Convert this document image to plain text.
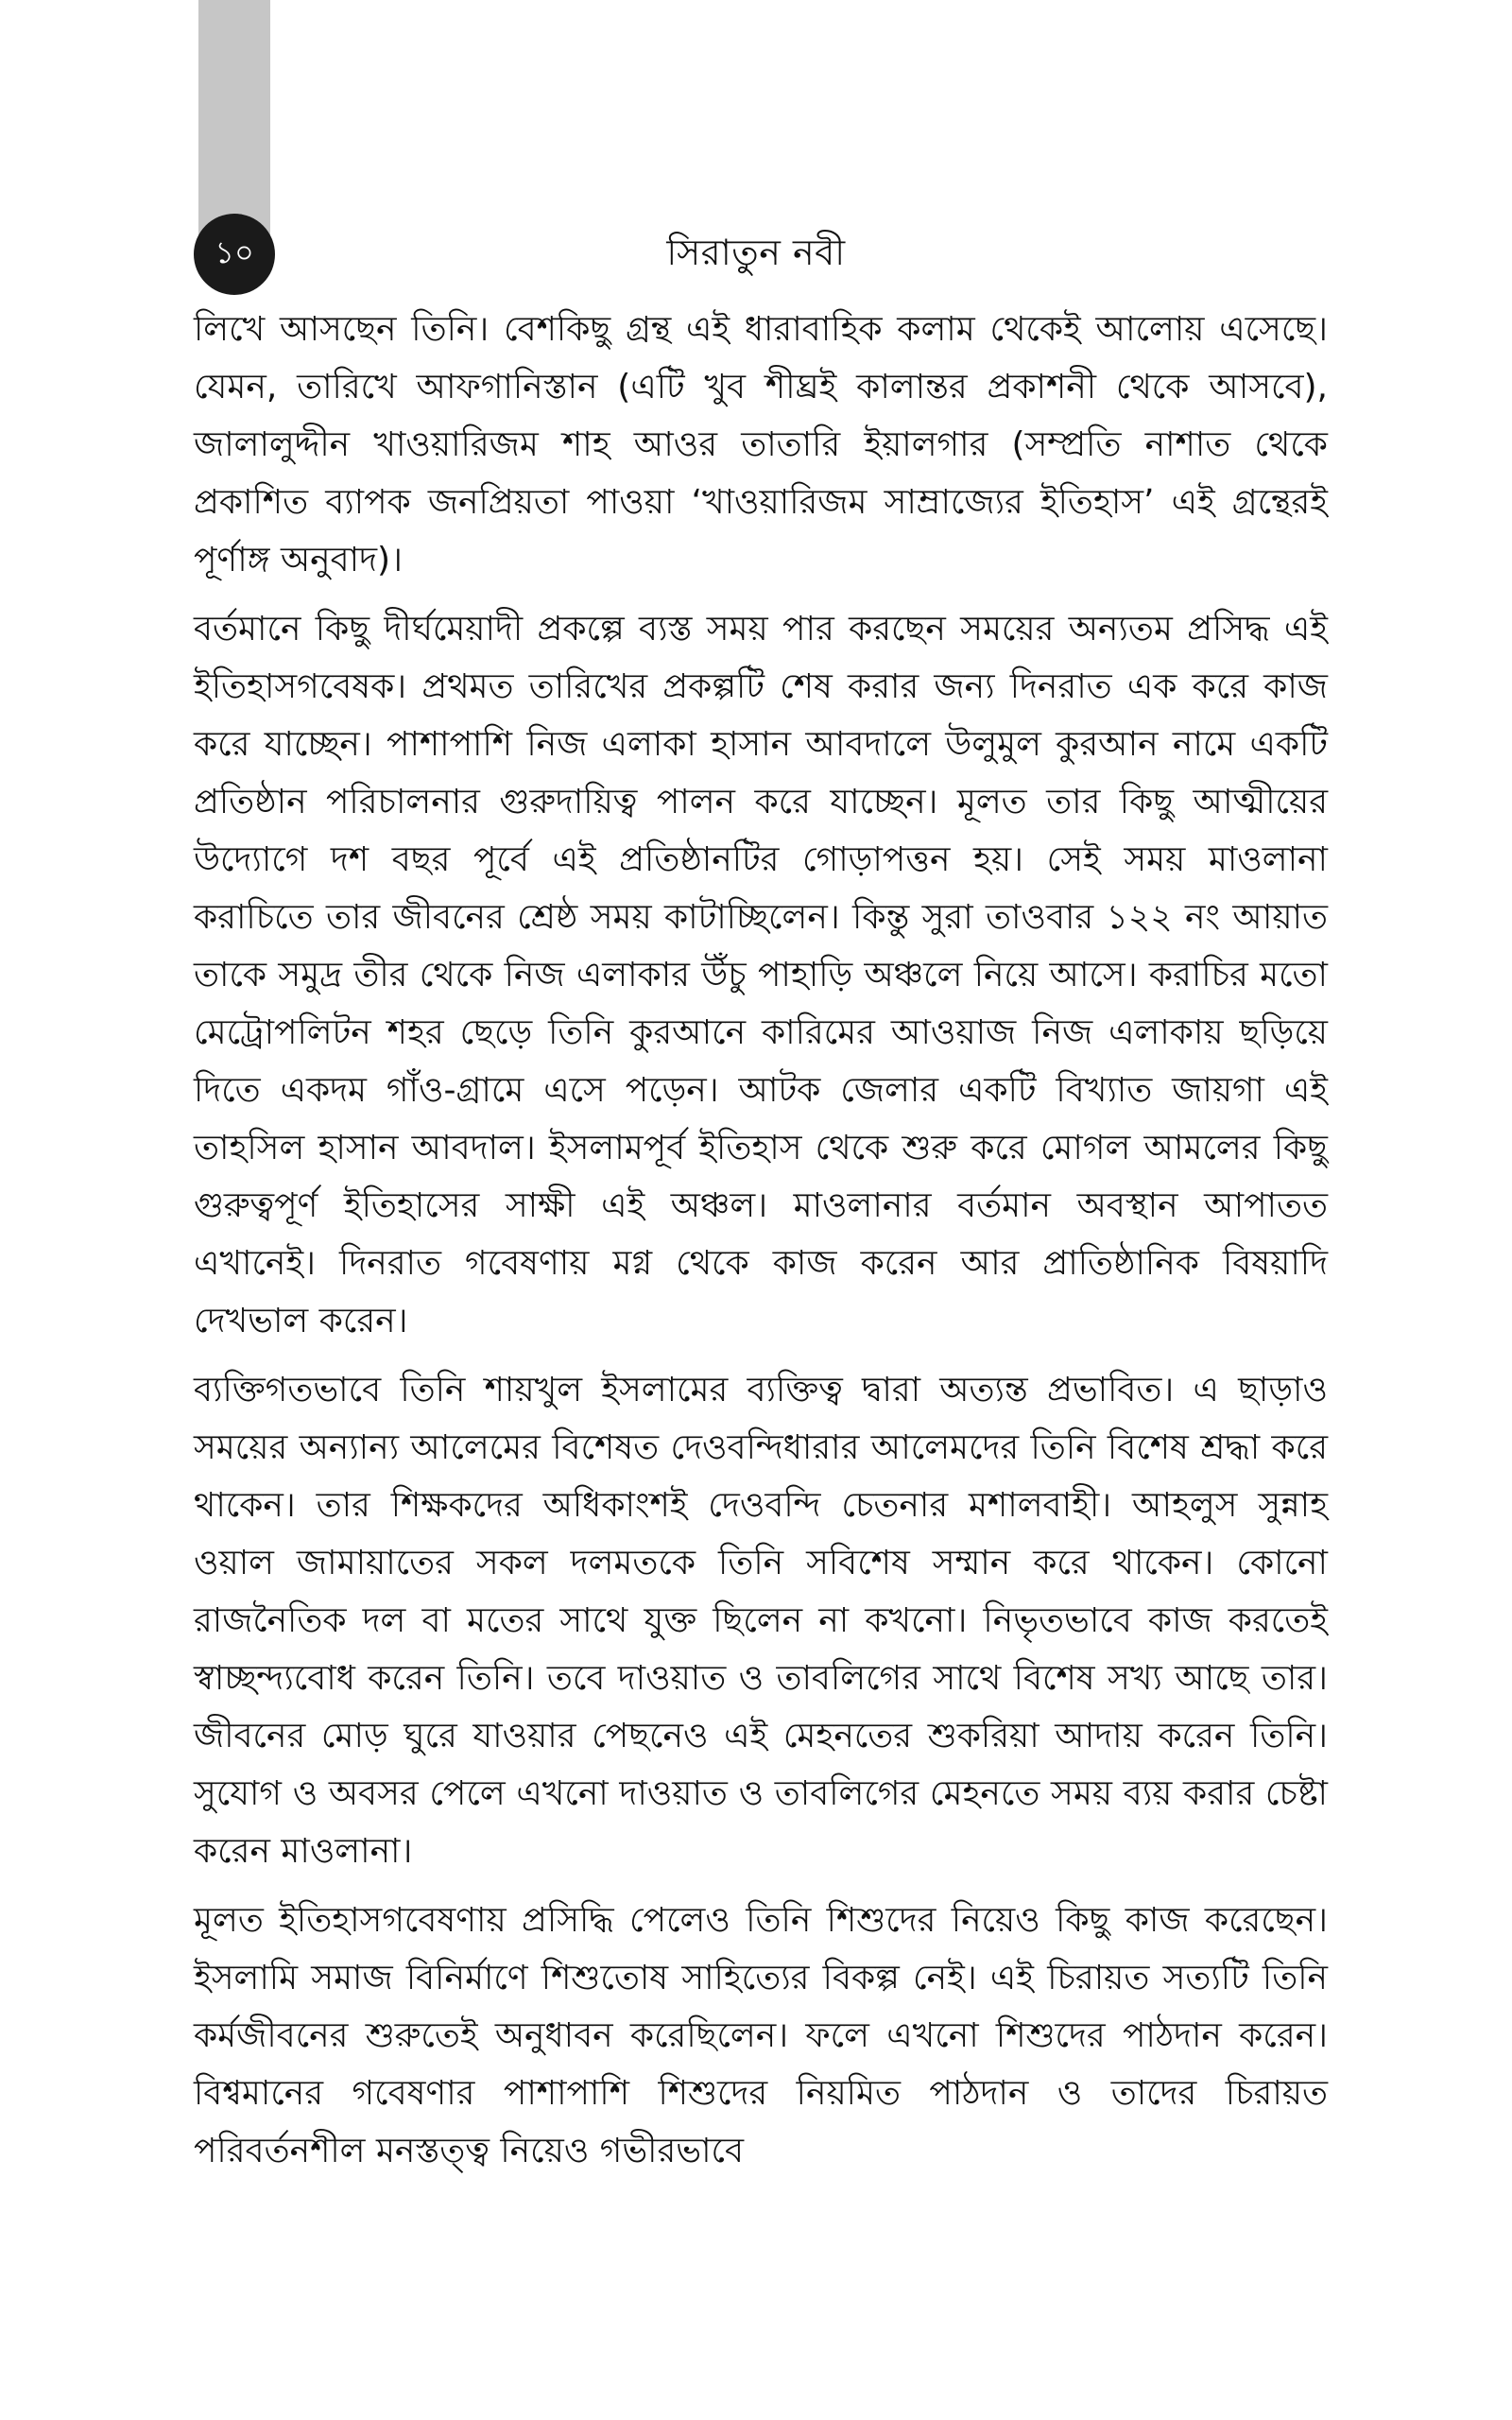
১০	সিরাতুন নবী

লিখে আসছেন তিনি। বেশকিছু গ্রন্থ এই ধারাবাহিক কলাম থেকেই আলোয় এসেছে। যেমন, তারিখে আফগানিস্তান (এটি খুব শীঘ্রই কালান্তর প্রকাশনী থেকে আসবে), জালালুদ্দীন খাওয়ারিজম শাহ আওর তাতারি ইয়ালগার (সম্প্রতি নাশাত থেকে প্রকাশিত ব্যাপক জনপ্রিয়তা পাওয়া ‘খাওয়ারিজম সাম্রাজ্যের ইতিহাস’ এই গ্রন্থেরই পূর্ণাঙ্গ অনুবাদ)।

বর্তমানে কিছু দীর্ঘমেয়াদী প্রকল্পে ব্যস্ত সময় পার করছেন সময়ের অন্যতম প্রসিদ্ধ এই ইতিহাসগবেষক। প্রথমত তারিখের প্রকল্পটি শেষ করার জন্য দিনরাত এক করে কাজ করে যাচ্ছেন। পাশাপাশি নিজ এলাকা হাসান আবদালে উলুমুল কুরআন নামে একটি প্রতিষ্ঠান পরিচালনার গুরুদায়িত্ব পালন করে যাচ্ছেন। মূলত তার কিছু আত্মীয়ের উদ্যোগে দশ বছর পূর্বে এই প্রতিষ্ঠানটির গোড়াপত্তন হয়। সেই সময় মাওলানা করাচিতে তার জীবনের শ্রেষ্ঠ সময় কাটাচ্ছিলেন। কিন্তু সুরা তাওবার ১২২ নং আয়াত তাকে সমুদ্র তীর থেকে নিজ এলাকার উঁচু পাহাড়ি অঞ্চলে নিয়ে আসে। করাচির মতো মেট্রোপলিটন শহর ছেড়ে তিনি কুরআনে কারিমের আওয়াজ নিজ এলাকায় ছড়িয়ে দিতে একদম গাঁও-গ্রামে এসে পড়েন। আটক জেলার একটি বিখ্যাত জায়গা এই তাহসিল হাসান আবদাল। ইসলামপূর্ব ইতিহাস থেকে শুরু করে মোগল আমলের কিছু গুরুত্বপূর্ণ ইতিহাসের সাক্ষী এই অঞ্চল। মাওলানার বর্তমান অবস্থান আপাতত এখানেই। দিনরাত গবেষণায় মগ্ন থেকে কাজ করেন আর প্রাতিষ্ঠানিক বিষয়াদি দেখভাল করেন।

ব্যক্তিগতভাবে তিনি শায়খুল ইসলামের ব্যক্তিত্ব দ্বারা অত্যন্ত প্রভাবিত। এ ছাড়াও সময়ের অন্যান্য আলেমের বিশেষত দেওবন্দিধারার আলেমদের তিনি বিশেষ শ্রদ্ধা করে থাকেন। তার শিক্ষকদের অধিকাংশই দেওবন্দি চেতনার মশালবাহী। আহলুস সুন্নাহ ওয়াল জামায়াতের সকল দলমতকে তিনি সবিশেষ সম্মান করে থাকেন। কোনো রাজনৈতিক দল বা মতের সাথে যুক্ত ছিলেন না কখনো। নিভৃতভাবে কাজ করতেই স্বাচ্ছন্দ্যবোধ করেন তিনি। তবে দাওয়াত ও তাবলিগের সাথে বিশেষ সখ্য আছে তার। জীবনের মোড় ঘুরে যাওয়ার পেছনেও এই মেহনতের শুকরিয়া আদায় করেন তিনি। সুযোগ ও অবসর পেলে এখনো দাওয়াত ও তাবলিগের মেহনতে সময় ব্যয় করার চেষ্টা করেন মাওলানা।

মূলত ইতিহাসগবেষণায় প্রসিদ্ধি পেলেও তিনি শিশুদের নিয়েও কিছু কাজ করেছেন। ইসলামি সমাজ বিনির্মাণে শিশুতোষ সাহিত্যের বিকল্প নেই। এই চিরায়ত সত্যটি তিনি কর্মজীবনের শুরুতেই অনুধাবন করেছিলেন। ফলে এখনো শিশুদের পাঠদান করেন। বিশ্বমানের গবেষণার পাশাপাশি শিশুদের নিয়মিত পাঠদান ও তাদের চিরায়ত পরিবর্তনশীল মনস্তত্ত্ব নিয়েও গভীরভাবে
